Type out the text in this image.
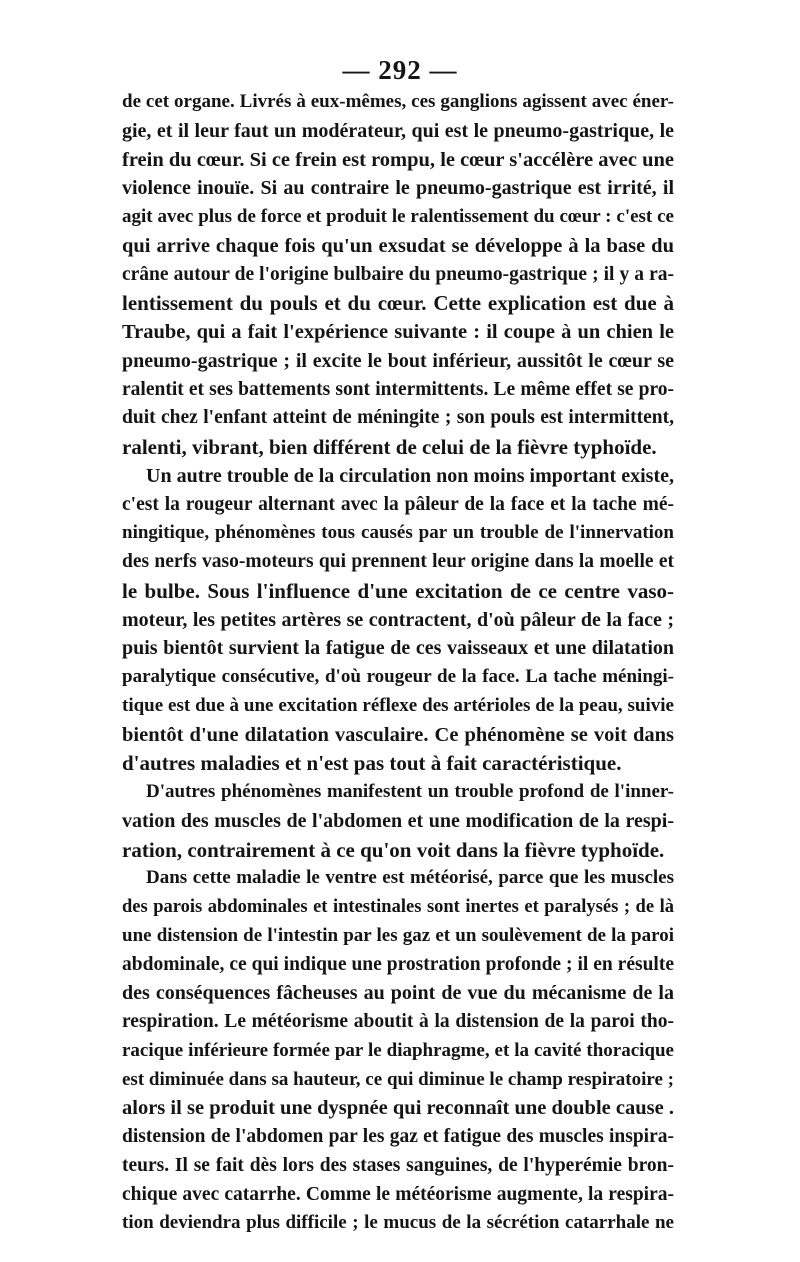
— 292 —
de cet organe. Livrés à eux-mêmes, ces ganglions agissent avec éner-
gie, et il leur faut un modérateur, qui est le pneumo-gastrique, le
frein du cœur. Si ce frein est rompu, le cœur s'accélère avec une
violence inouïe. Si au contraire le pneumo-gastrique est irrité, il
agit avec plus de force et produit le ralentissement du cœur : c'est ce
qui arrive chaque fois qu'un exsudat se développe à la base du
crâne autour de l'origine bulbaire du pneumo-gastrique ; il y a ra-
lentissement du pouls et du cœur. Cette explication est due à
Traube, qui a fait l'expérience suivante : il coupe à un chien le
pneumo-gastrique ; il excite le bout inférieur, aussitôt le cœur se
ralentit et ses battements sont intermittents. Le même effet se pro-
duit chez l'enfant atteint de méningite ; son pouls est intermittent,
ralenti, vibrant, bien différent de celui de la fièvre typhoïde.
Un autre trouble de la circulation non moins important existe,
c'est la rougeur alternant avec la pâleur de la face et la tache mé-
ningitique, phénomènes tous causés par un trouble de l'innervation
des nerfs vaso-moteurs qui prennent leur origine dans la moelle et
le bulbe. Sous l'influence d'une excitation de ce centre vaso-
moteur, les petites artères se contractent, d'où pâleur de la face ;
puis bientôt survient la fatigue de ces vaisseaux et une dilatation
paralytique consécutive, d'où rougeur de la face. La tache méningi-
tique est due à une excitation réflexe des artérioles de la peau, suivie
bientôt d'une dilatation vasculaire. Ce phénomène se voit dans
d'autres maladies et n'est pas tout à fait caractéristique.
D'autres phénomènes manifestent un trouble profond de l'inner-
vation des muscles de l'abdomen et une modification de la respi-
ration, contrairement à ce qu'on voit dans la fièvre typhoïde.
Dans cette maladie le ventre est météorisé, parce que les muscles
des parois abdominales et intestinales sont inertes et paralysés ; de là
une distension de l'intestin par les gaz et un soulèvement de la paroi
abdominale, ce qui indique une prostration profonde ; il en résulte
des conséquences fâcheuses au point de vue du mécanisme de la
respiration. Le météorisme aboutit à la distension de la paroi tho-
racique inférieure formée par le diaphragme, et la cavité thoracique
est diminuée dans sa hauteur, ce qui diminue le champ respiratoire ;
alors il se produit une dyspnée qui reconnaît une double cause .
distension de l'abdomen par les gaz et fatigue des muscles inspira-
teurs. Il se fait dès lors des stases sanguines, de l'hyperémie bron-
chique avec catarrhe. Comme le météorisme augmente, la respira-
tion deviendra plus difficile ; le mucus de la sécrétion catarrhale ne
